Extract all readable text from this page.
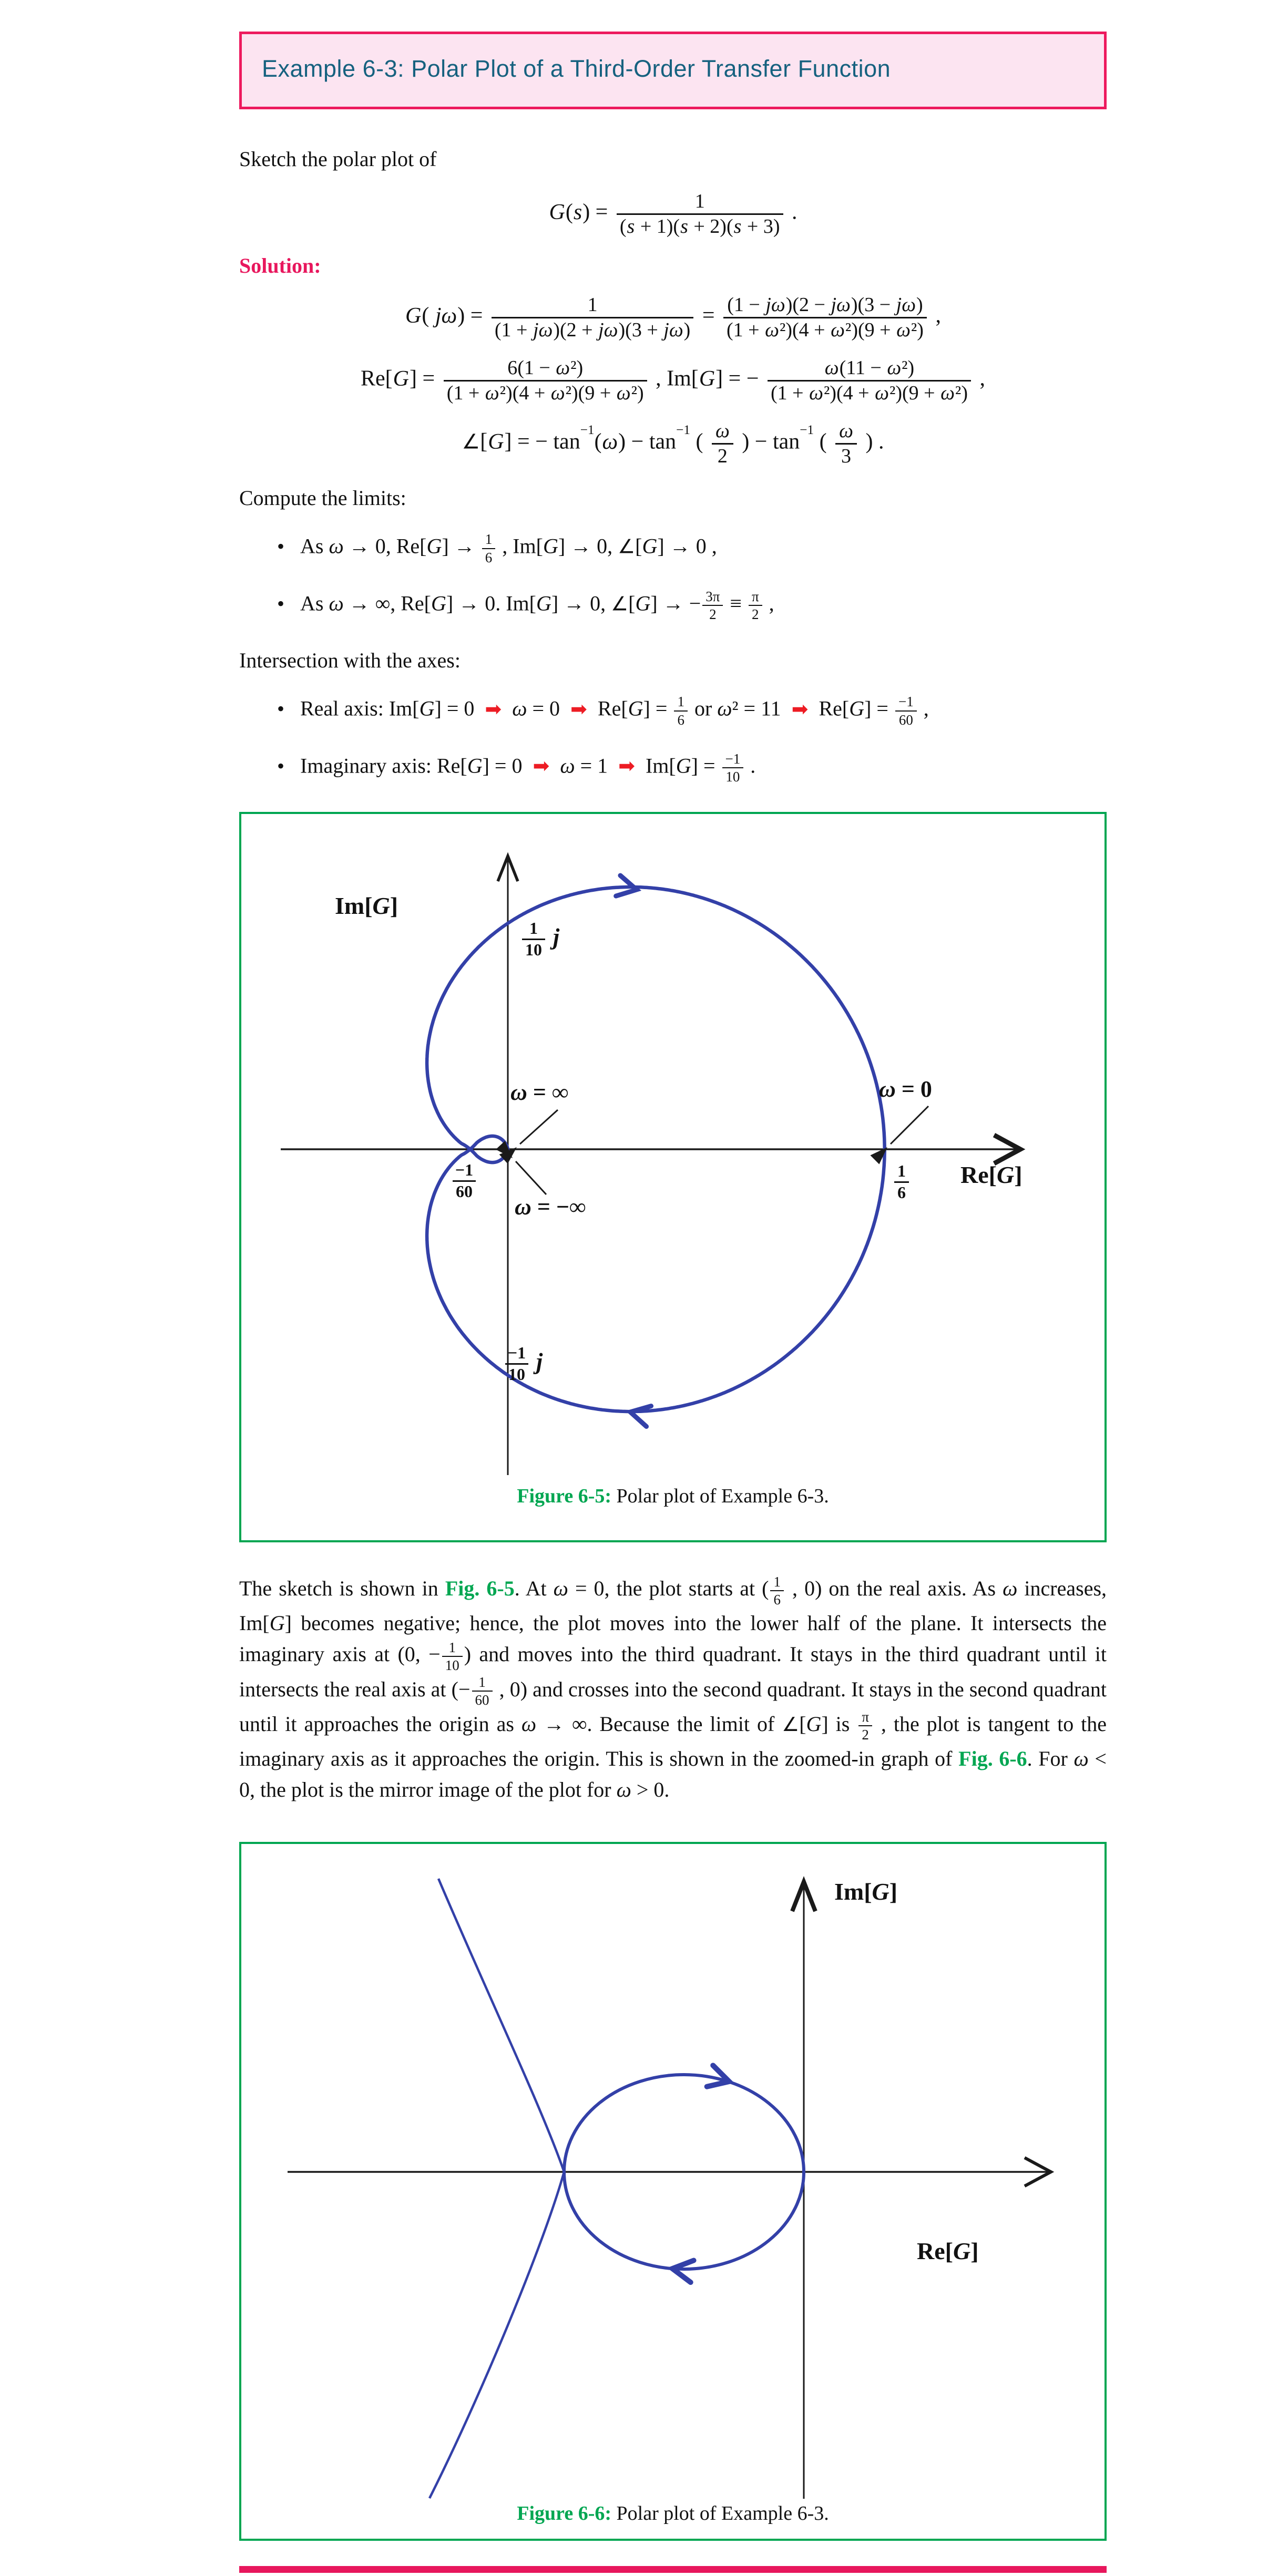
Example 6-3: Polar Plot of a Third-Order Transfer Function

Sketch the polar plot of

$G(s) = \frac{1}{(s + 1)(s + 2)(s + 3)}$ .

Solution:

G( $j\omega) = \frac{1}{(1 + j\omega)(2 + j\omega)(3 + j\omega)} = \frac{(1 - j\omega)(2 - j\omega)(3 - j\omega)}{\text{(1 + ω²)(4 + ω²)(9 + ω²)}}$ ,
$Re[G] = \frac{\text{6(1 − ω²)}}{\text{(1 + ω²)(4 + ω²)(9 + ω²)}}$ , Im[G] = − $\frac{\text{ω(11 − ω²)}}{\text{(1 + ω²)(4 + ω²)(9 + ω²)}}$ ,
∠[G] = − $\tan^{-1}(\omega) - \tan^{-1}$ ( $\frac{\omega}{2}$ ) − $\tan^{-1}$ ( $\frac{\omega}{3}$ ) .

Compute the limits:

• As ω → 0, $Re[G] \to \frac{1}{6}$ , Im[G] → 0, ∠[G] → 0 ,
• As ω → ∞, Re[G] → 0. Im[G] → 0, ∠[G] → − $\frac{3\pi}{2} \equiv \frac{\pi}{2}$ ,

Intersection with the axes:

• Real axis: Im[G] = 0 ➡ ω = 0 ➡ $Re[G] = \frac{1}{6}$ or ω² = 11 ➡ $Re[G] = \frac{-1}{60}$ ,
• Imaginary axis: Re[G] = 0 ➡ ω = 1 ➡ $Im[G] = \frac{-1}{10}$ .
Im[G]
$\frac{1}{10}$ j
ω = ∞	ω = 0
ω = −∞
$\frac{-1}{60}$	$\frac{1}{6} Re[G]$
$\frac{-1}{10}$ j
Figure 6-5: Polar plot of Example 6-3.

The sketch is shown in Fig. 6-5. At ω = 0, the plot starts at ( $\frac{1}{6}$ , 0) on the real axis. As ω increases, Im[G] becomes negative; hence, the plot moves into the lower half of the plane. It intersects the imaginary axis at (0, − $\frac{1}{10}$ ) and moves into the third quadrant. It stays in the third quadrant until it intersects the real axis at (− $\frac{1}{60}$ , 0) and crosses into the second quadrant. It stays in the second quadrant until it approaches the origin as ω → ∞. Because the limit of ∠[G] is $\frac{\pi}{2}$ , the plot is tangent to the imaginary axis as it approaches the origin. This is shown in the zoomed-in graph of Fig. 6-6. For ω < 0, the plot is the mirror image of the plot for ω > 0.

Im[G]
Re[G]
Figure 6-6: Polar plot of Example 6-3.
